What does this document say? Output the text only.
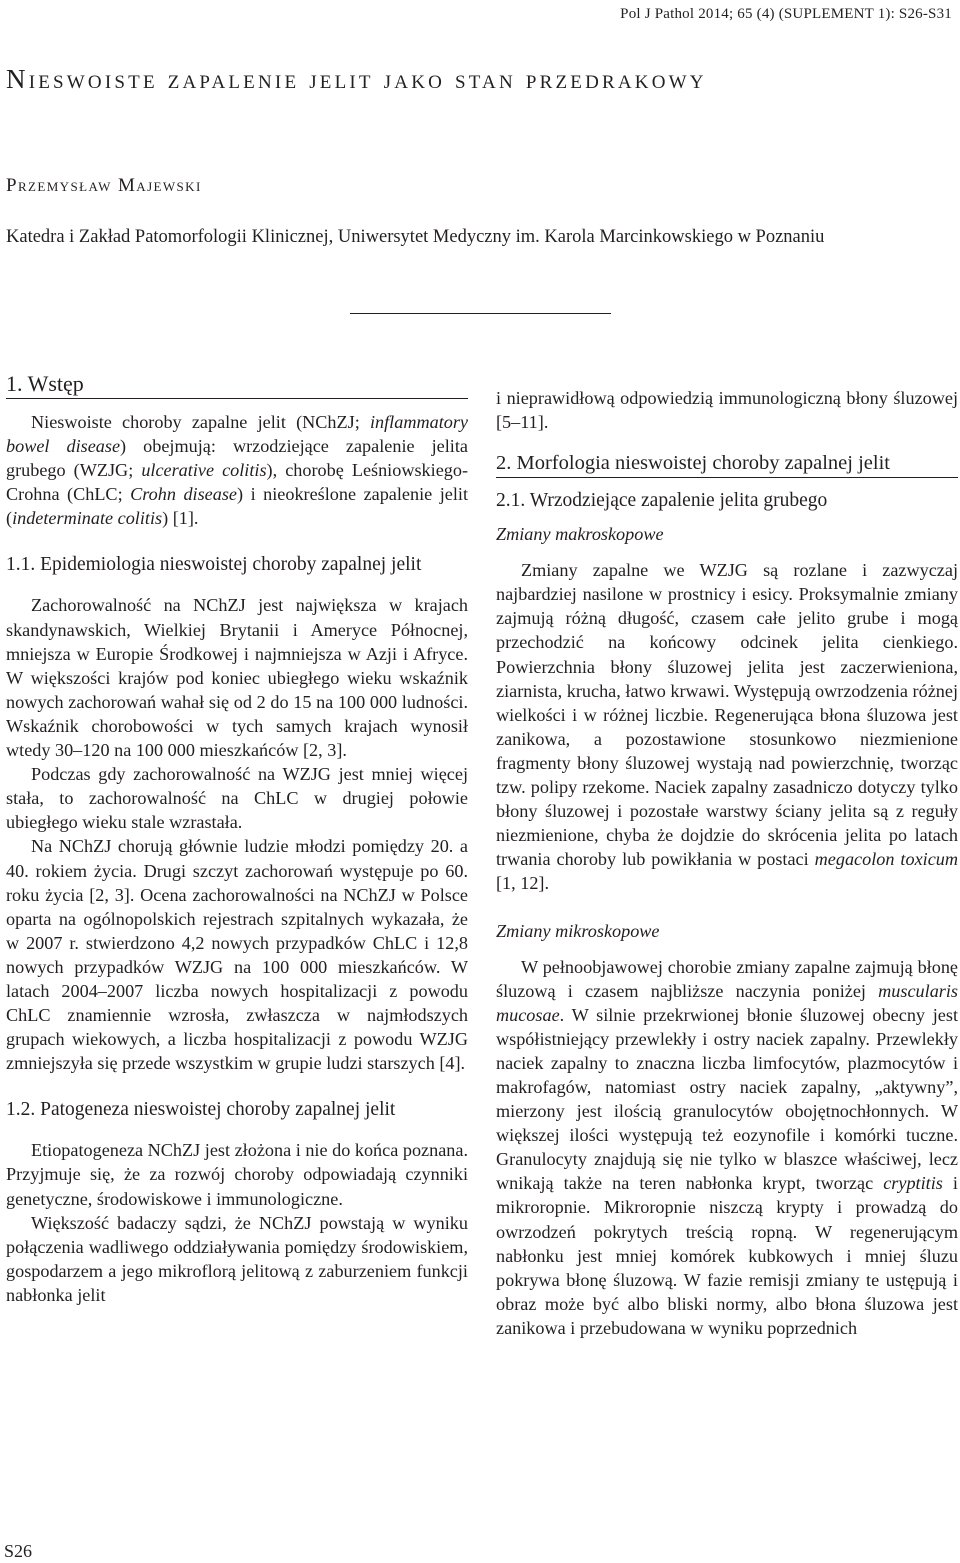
Pol J Pathol 2014; 65 (4) (SUPLEMENT 1): S26-S31
Nieswoiste zapalenie jelit jako stan przedrakowy
Przemysław Majewski
Katedra i Zakład Patomorfologii Klinicznej, Uniwersytet Medyczny im. Karola Marcinkowskiego w Poznaniu
1. Wstęp

Nieswoiste choroby zapalne jelit (NChZJ; inflammatory bowel disease) obejmują: wrzodziejące zapalenie jelita grubego (WZJG; ulcerative colitis), chorobę Leśniowskiego-Crohna (ChLC; Crohn disease) i nieokreślone zapalenie jelit (indeterminate colitis) [1].

1.1. Epidemiologia nieswoistej choroby zapalnej jelit

Zachorowalność na NChZJ jest największa w krajach skandynawskich, Wielkiej Brytanii i Ameryce Północnej, mniejsza w Europie Środkowej i najmniejsza w Azji i Afryce. W większości krajów pod koniec ubiegłego wieku wskaźnik nowych zachorowań wahał się od 2 do 15 na 100 000 ludności. Wskaźnik chorobowości w tych samych krajach wynosił wtedy 30–120 na 100 000 mieszkańców [2, 3].

Podczas gdy zachorowalność na WZJG jest mniej więcej stała, to zachorowalność na ChLC w drugiej połowie ubiegłego wieku stale wzrastała.

Na NChZJ chorują głównie ludzie młodzi pomiędzy 20. a 40. rokiem życia. Drugi szczyt zachorowań występuje po 60. roku życia [2, 3]. Ocena zachorowalności na NChZJ w Polsce oparta na ogólnopolskich rejestrach szpitalnych wykazała, że w 2007 r. stwierdzono 4,2 nowych przypadków ChLC i 12,8 nowych przypadków WZJG na 100 000 mieszkańców. W latach 2004–2007 liczba nowych hospitalizacji z powodu ChLC znamiennie wzrosła, zwłaszcza w najmłodszych grupach wiekowych, a liczba hospitalizacji z powodu WZJG zmniejszyła się przede wszystkim w grupie ludzi starszych [4].

1.2. Patogeneza nieswoistej choroby zapalnej jelit

Etiopatogeneza NChZJ jest złożona i nie do końca poznana. Przyjmuje się, że za rozwój choroby odpowiadają czynniki genetyczne, środowiskowe i immunologiczne.

Większość badaczy sądzi, że NChZJ powstają w wyniku połączenia wadliwego oddziaływania pomiędzy środowiskiem, gospodarzem a jego mikroflorą jelitową z zaburzeniem funkcji nabłonka jelit

i nieprawidłową odpowiedzią immunologiczną błony śluzowej [5–11].

2. Morfologia nieswoistej choroby zapalnej jelit
2.1. Wrzodziejące zapalenie jelita grubego
Zmiany makroskopowe

Zmiany zapalne we WZJG są rozlane i zazwyczaj najbardziej nasilone w prostnicy i esicy. Proksymalnie zmiany zajmują różną długość, czasem całe jelito grube i mogą przechodzić na końcowy odcinek jelita cienkiego. Powierzchnia błony śluzowej jelita jest zaczerwieniona, ziarnista, krucha, łatwo krwawi. Występują owrzodzenia różnej wielkości i w różnej liczbie. Regenerująca błona śluzowa jest zanikowa, a pozostawione stosunkowo niezmienione fragmenty błony śluzowej wystają nad powierzchnię, tworząc tzw. polipy rzekome. Naciek zapalny zasadniczo dotyczy tylko błony śluzowej i pozostałe warstwy ściany jelita są z reguły niezmienione, chyba że dojdzie do skrócenia jelita po latach trwania choroby lub powikłania w postaci megacolon toxicum [1, 12].

Zmiany mikroskopowe

W pełnoobjawowej chorobie zmiany zapalne zajmują błonę śluzową i czasem najbliższe naczynia poniżej muscularis mucosae. W silnie przekrwionej błonie śluzowej obecny jest współistniejący przewlekły i ostry naciek zapalny. Przewlekły naciek zapalny to znaczna liczba limfocytów, plazmocytów i makrofagów, natomiast ostry naciek zapalny, „aktywny”, mierzony jest ilością granulocytów obojętnochłonnych. W większej ilości występują też eozynofile i komórki tuczne. Granulocyty znajdują się nie tylko w blaszce właściwej, lecz wnikają także na teren nabłonka krypt, tworząc cryptitis i mikroropnie. Mikroropnie niszczą krypty i prowadzą do owrzodzeń pokrytych treścią ropną. W regenerującym nabłonku jest mniej komórek kubkowych i mniej śluzu pokrywa błonę śluzową. W fazie remisji zmiany te ustępują i obraz może być albo bliski normy, albo błona śluzowa jest zanikowa i przebudowana w wyniku poprzednich

S26
